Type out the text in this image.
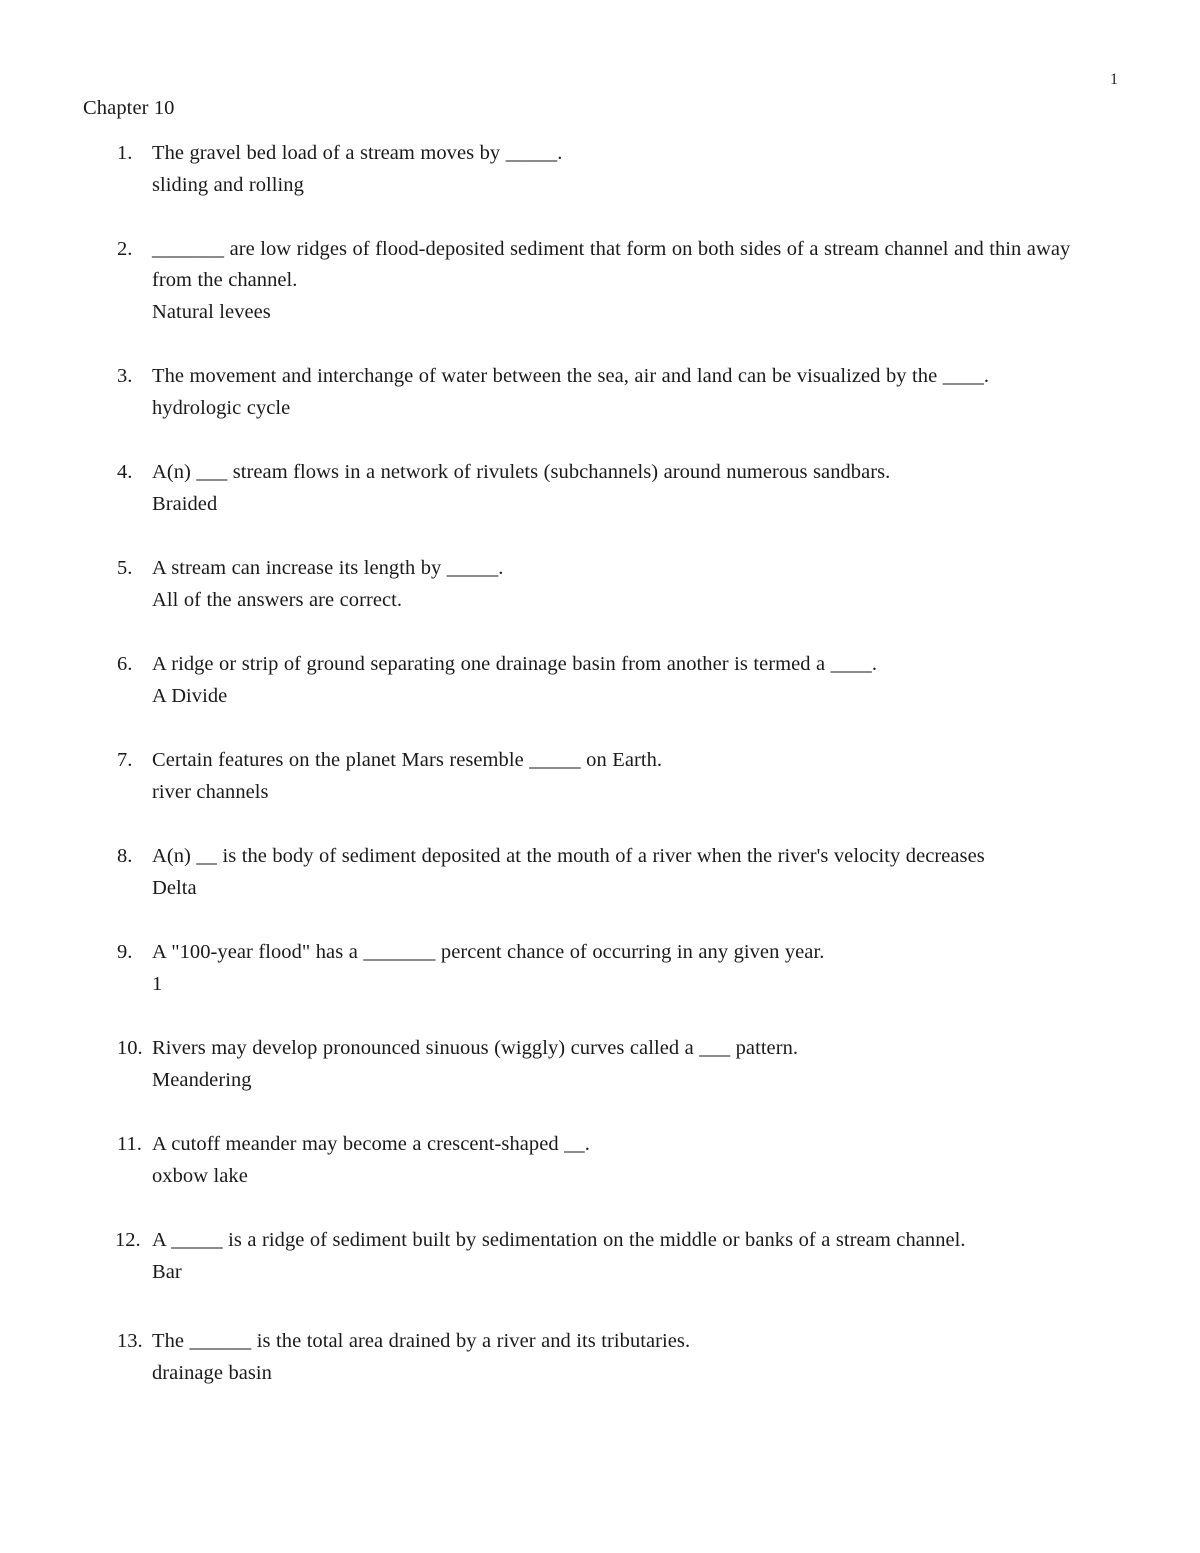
1
Chapter 10
1. The gravel bed load of a stream moves by _____.
sliding and rolling
2. _______ are low ridges of flood-deposited sediment that form on both sides of a stream channel and thin away from the channel.
Natural levees
3. The movement and interchange of water between the sea, air and land can be visualized by the ____.
hydrologic cycle
4. A(n) ___ stream flows in a network of rivulets (subchannels) around numerous sandbars.
Braided
5. A stream can increase its length by _____.
All of the answers are correct.
6. A ridge or strip of ground separating one drainage basin from another is termed a ____.
A Divide
7. Certain features on the planet Mars resemble _____ on Earth.
river channels
8. A(n) __ is the body of sediment deposited at the mouth of a river when the river's velocity decreases
Delta
9. A "100-year flood" has a _______ percent chance of occurring in any given year.
1
10. Rivers may develop pronounced sinuous (wiggly) curves called a ___ pattern.
Meandering
11. A cutoff meander may become a crescent-shaped __.
oxbow lake
12. A _____ is a ridge of sediment built by sedimentation on the middle or banks of a stream channel.
Bar
13. The ______ is the total area drained by a river and its tributaries.
drainage basin
